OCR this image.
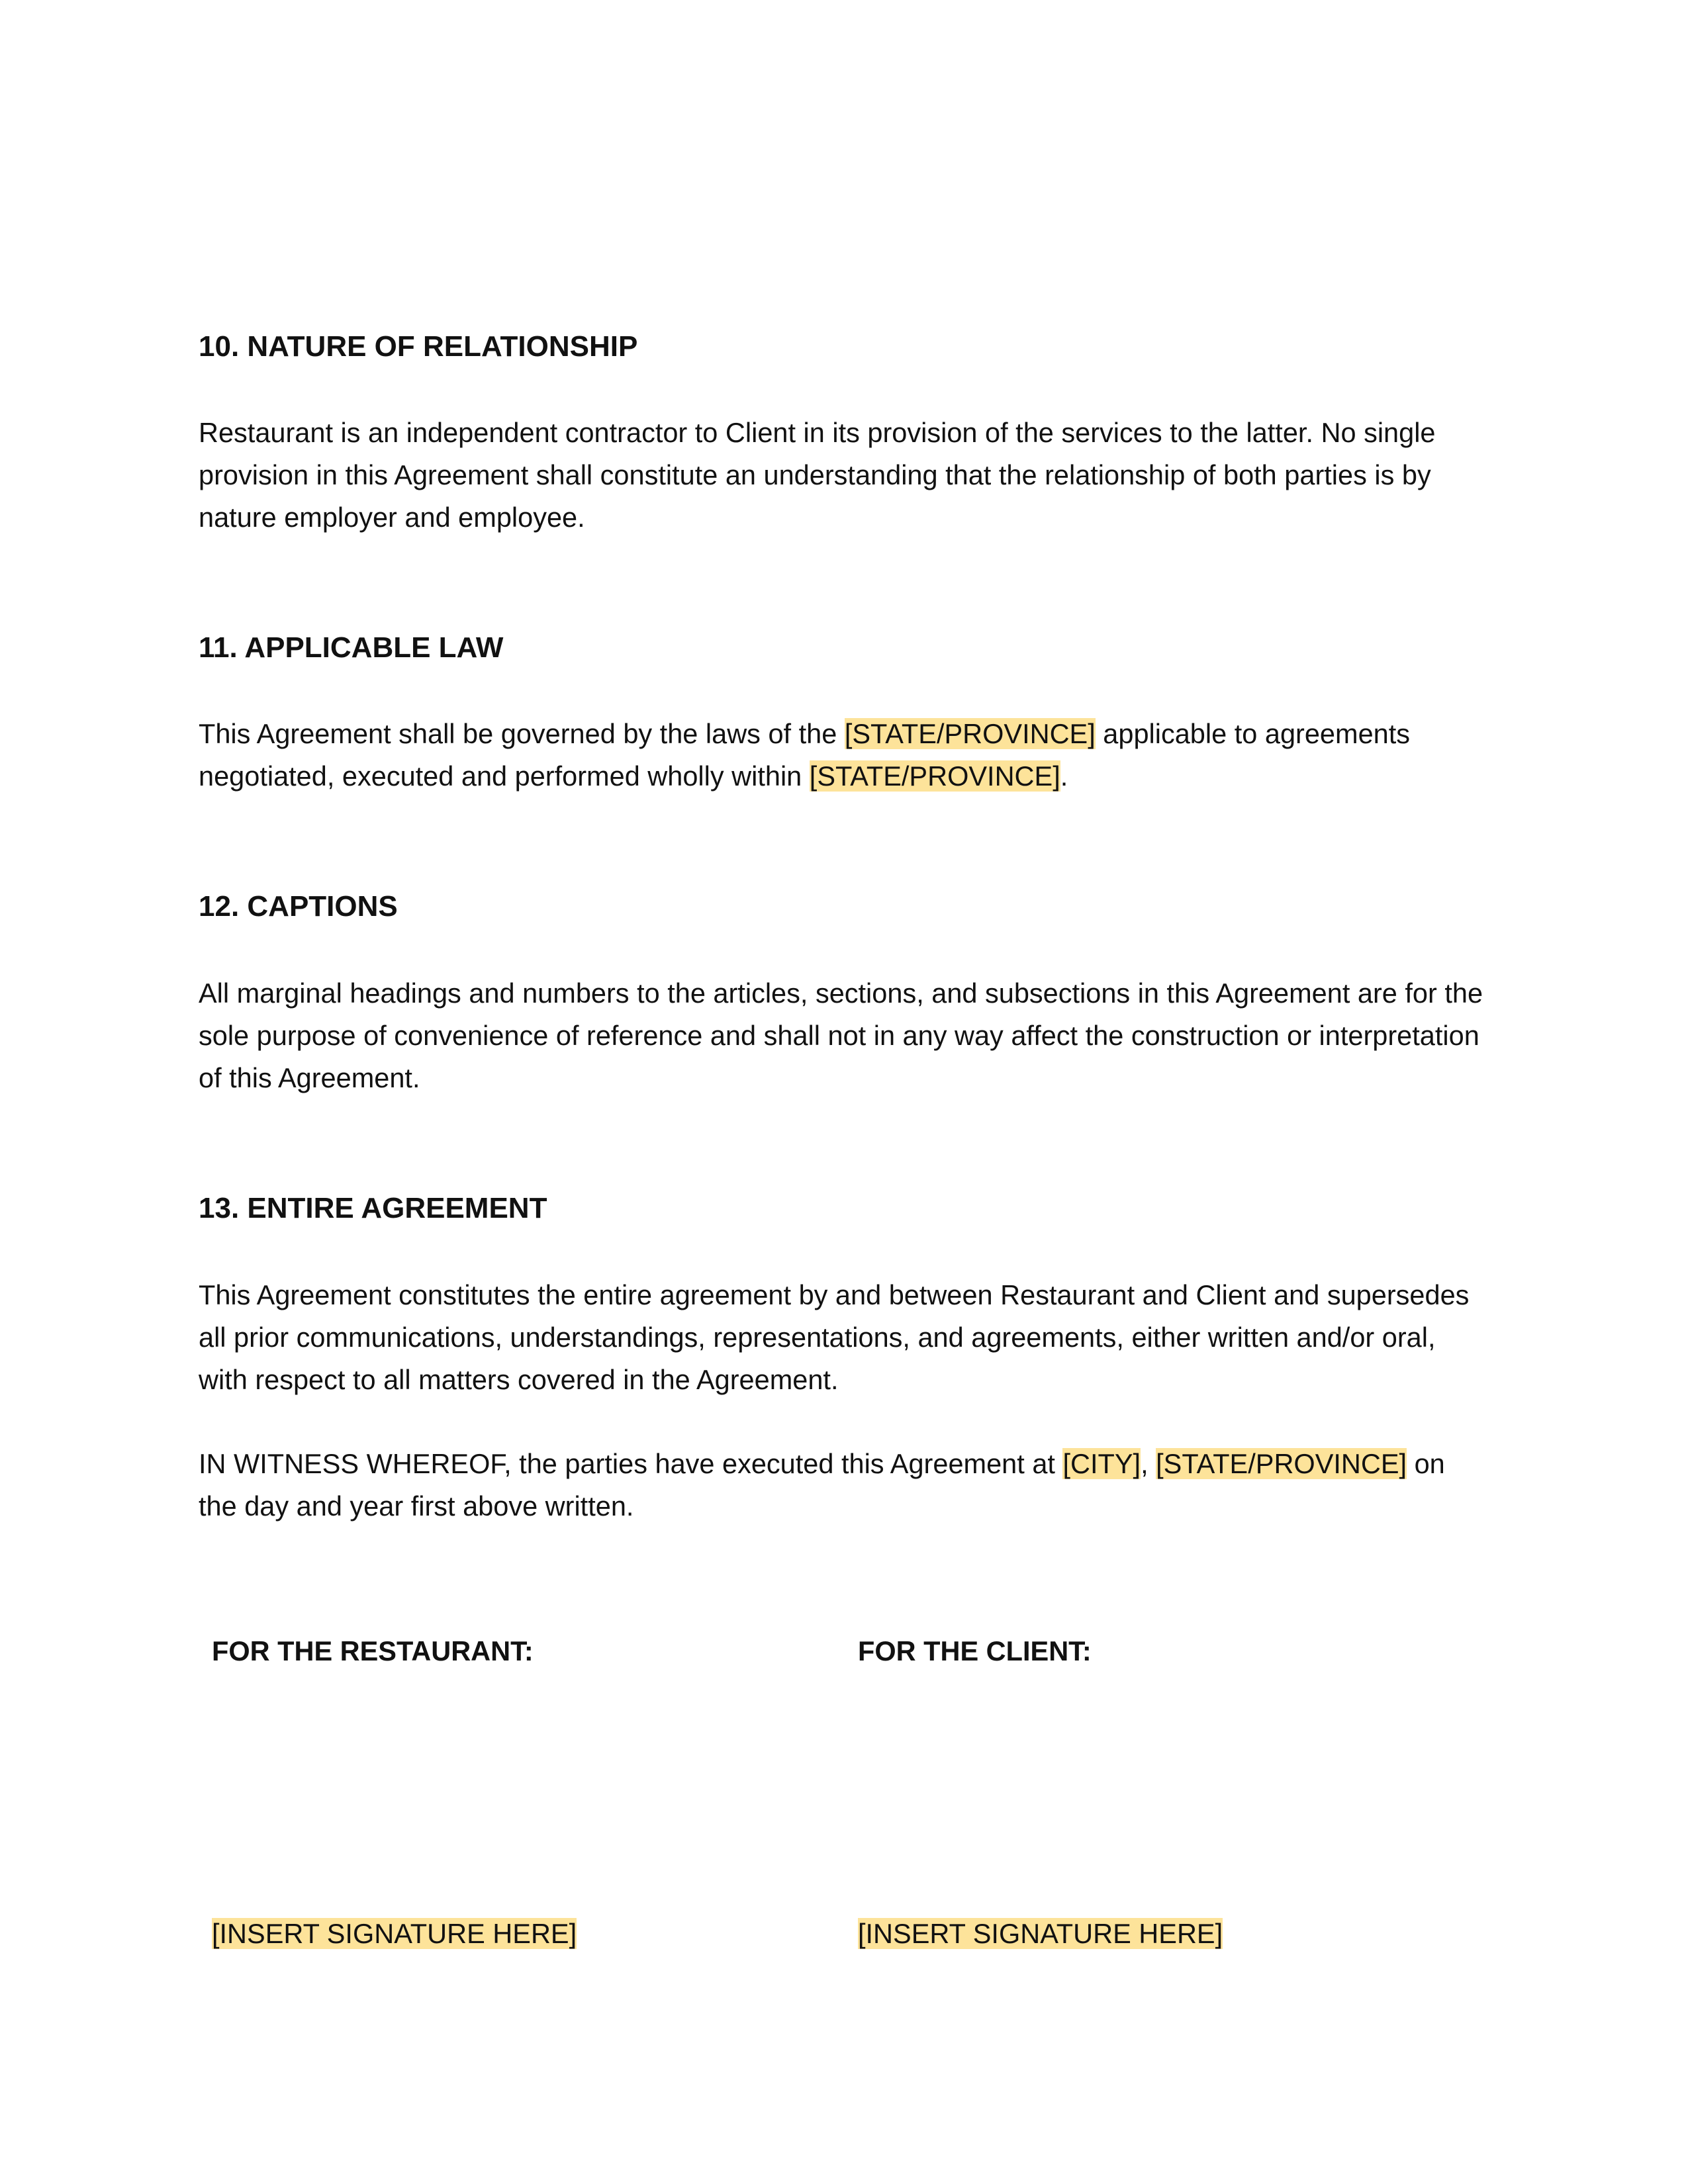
10. NATURE OF RELATIONSHIP

Restaurant is an independent contractor to Client in its provision of the services to the latter. No single provision in this Agreement shall constitute an understanding that the relationship of both parties is by nature employer and employee.

11. APPLICABLE LAW

This Agreement shall be governed by the laws of the [STATE/PROVINCE] applicable to agreements negotiated, executed and performed wholly within [STATE/PROVINCE].

12. CAPTIONS

All marginal headings and numbers to the articles, sections, and subsections in this Agreement are for the sole purpose of convenience of reference and shall not in any way affect the construction or interpretation of this Agreement.

13. ENTIRE AGREEMENT

This Agreement constitutes the entire agreement by and between Restaurant and Client and supersedes all prior communications, understandings, representations, and agreements, either written and/or oral, with respect to all matters covered in the Agreement.

IN WITNESS WHEREOF, the parties have executed this Agreement at [CITY], [STATE/PROVINCE] on the day and year first above written.

FOR THE RESTAURANT:	FOR THE CLIENT:
[INSERT SIGNATURE HERE]	[INSERT SIGNATURE HERE]
